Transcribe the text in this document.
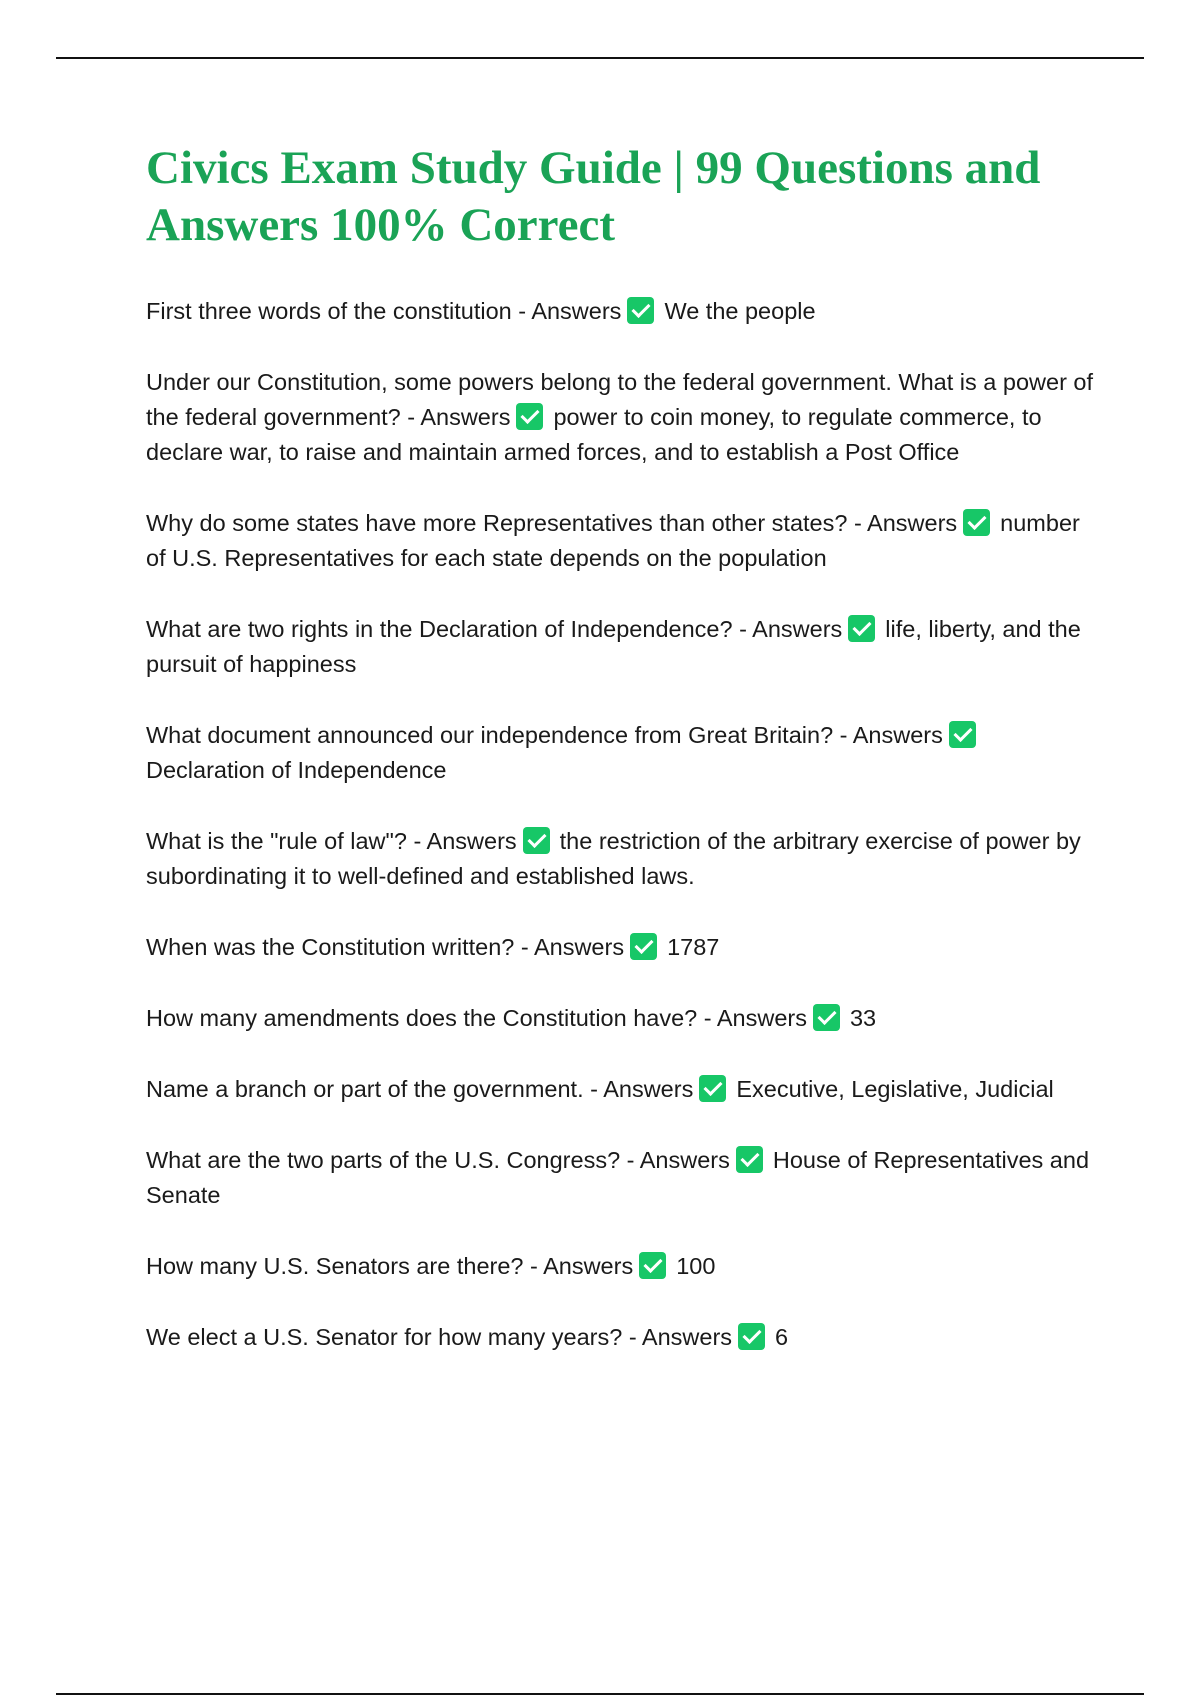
Civics Exam Study Guide | 99 Questions and Answers 100% Correct
First three words of the constitution - Answers We the people
Under our Constitution, some powers belong to the federal government. What is a power of the federal government? - Answers power to coin money, to regulate commerce, to declare war, to raise and maintain armed forces, and to establish a Post Office
Why do some states have more Representatives than other states? - Answers number of U.S. Representatives for each state depends on the population
What are two rights in the Declaration of Independence? - Answers life, liberty, and the pursuit of happiness
What document announced our independence from Great Britain? - AnswersDeclaration of Independence
What is the "rule of law"? - Answers the restriction of the arbitrary exercise of power by subordinating it to well-defined and established laws.
When was the Constitution written? - Answers 1787
How many amendments does the Constitution have? - Answers 33
Name a branch or part of the government. - Answers Executive, Legislative, Judicial
What are the two parts of the U.S. Congress? - Answers House of Representatives and Senate
How many U.S. Senators are there? - Answers 100
We elect a U.S. Senator for how many years? - Answers 6
